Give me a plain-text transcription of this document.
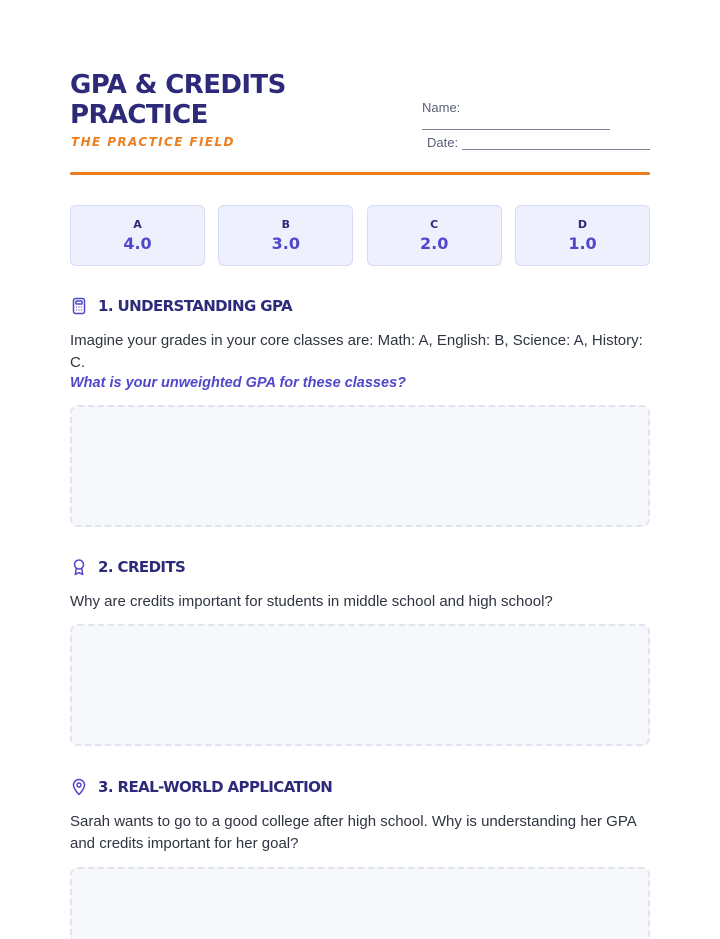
GPA & CREDITS PRACTICE
THE PRACTICE FIELD
Name:
Date:
A
4.0
B
3.0
C
2.0
D
1.0
1. UNDERSTANDING GPA

Imagine your grades in your core classes are: Math: A, English: B, Science: A, History: C.

What is your unweighted GPA for these classes?

2. CREDITS

Why are credits important for students in middle school and high school?

3. REAL-WORLD APPLICATION

Sarah wants to go to a good college after high school. Why is understanding her GPA and credits important for her goal?
